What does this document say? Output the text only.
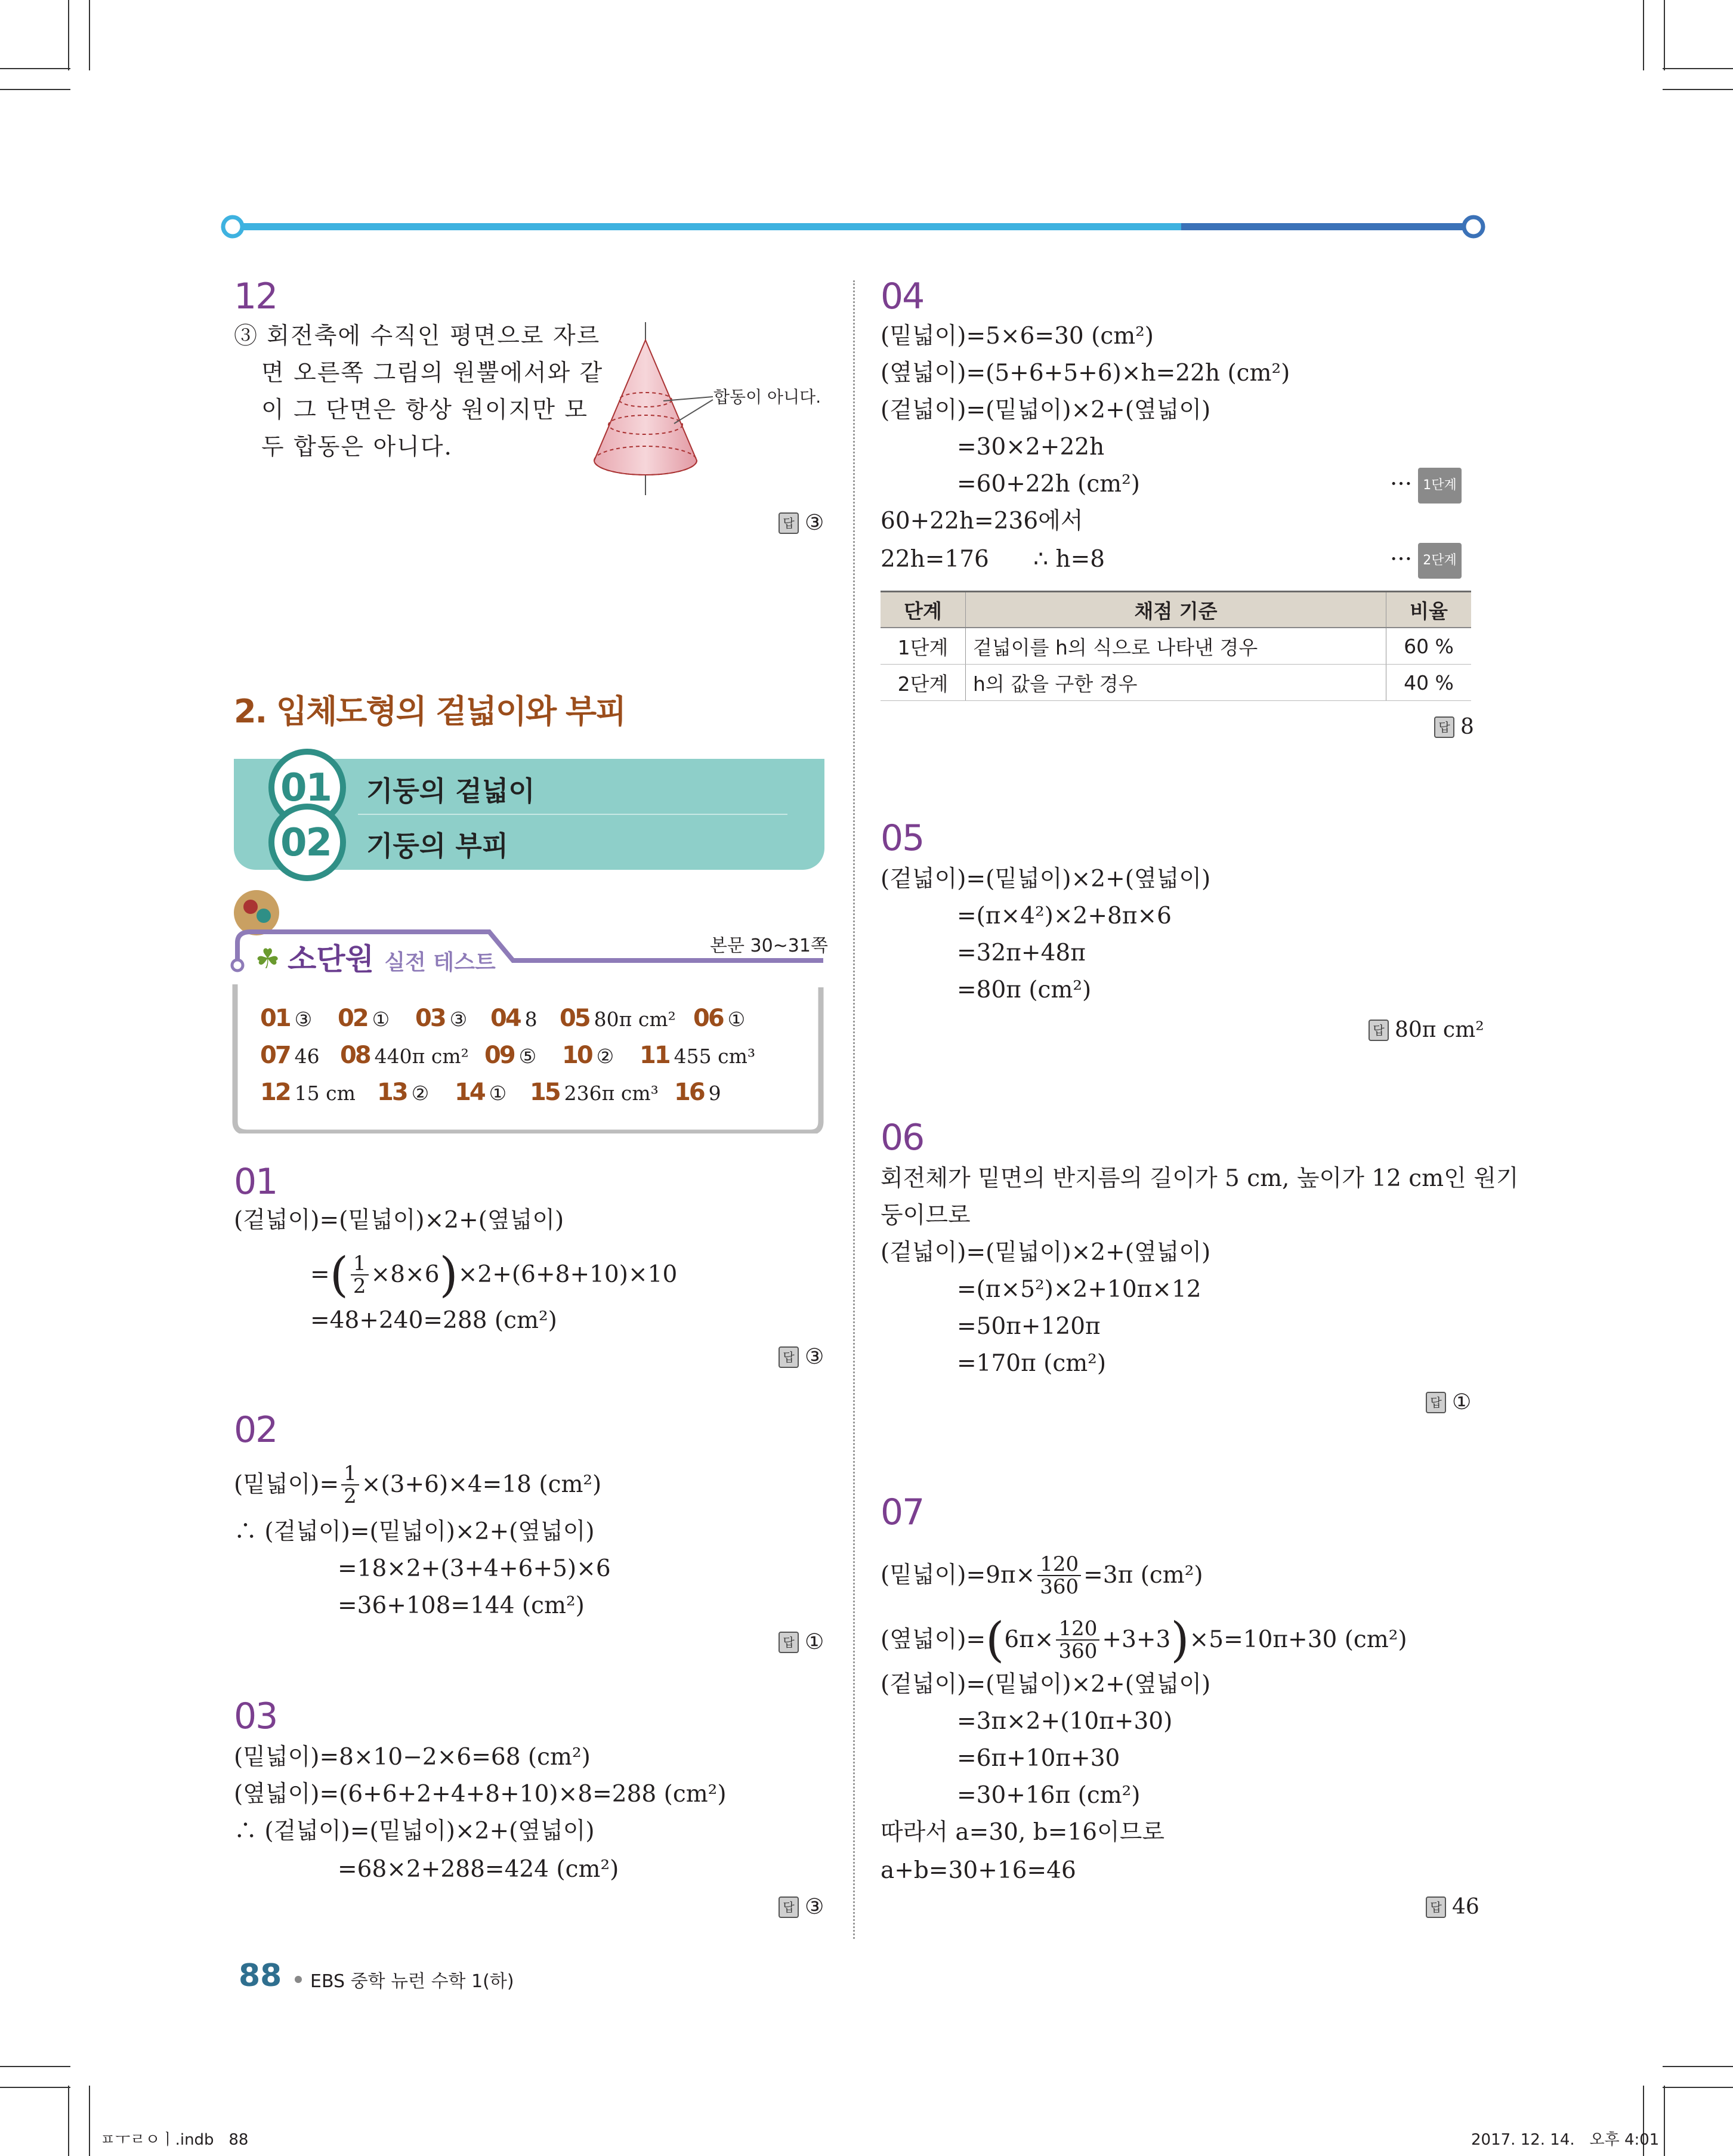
12
③ 회전축에 수직인 평면으로 자르
면 오른쪽 그림의 원뿔에서와 같
이 그 단면은 항상 원이지만 모
두 합동은 아니다.
합동이 아니다.
답 ③
2. 입체도형의 겉넓이와 부피
01
02
기둥의 겉넓이
기둥의 부피
☘ 소단원 실전 테스트
본문 30~31쪽
01 ③ 02 ① 03 ③ 04 8 05 80π cm² 06 ①
07 46 08 440π cm² 09 ⑤ 10 ② 11 455 cm³
12 15 cm 13 ② 14 ① 15 236π cm³ 16 9
01
(겉넓이)=(밑넓이)×2+(옆넓이)
= ( $\frac{1}{2} \times 8\times 6$ ) ×2+(6+8+10)×10
=48+240=288 (cm²)
답 ③
02
(밑넓이)= $\frac{1}{2} \times(3+6)\times 4=18$ (cm²)
∴ (겉넓이)=(밑넓이)×2+(옆넓이)
=18×2+(3+4+6+5)×6
=36+108=144 (cm²)
답 ①
03
(밑넓이)=8×10−2×6=68 (cm²)
(옆넓이)=(6+6+2+4+8+10)×8=288 (cm²)
∴ (겉넓이)=(밑넓이)×2+(옆넓이)
=68×2+288=424 (cm²)
답 ③
04
(밑넓이)=5×6=30 (cm²)
(옆넓이)=(5+6+5+6)×h=22h (cm²)
(겉넓이)=(밑넓이)×2+(옆넓이)
=30×2+22h
=60+22h (cm²)	··· 1단계
60+22h=236에서
22h=176      ∴ h=8	··· 2단계
단계	채점 기준	비율
1단계	겉넓이를 h의 식으로 나타낸 경우	60 %
2단계	h의 값을 구한 경우	40 %
답 8
05
(겉넓이)=(밑넓이)×2+(옆넓이)
=(π×4²)×2+8π×6
=32π+48π
=80π (cm²)
답 80π cm²
06
회전체가 밑면의 반지름의 길이가 5 cm, 높이가 12 cm인 원기
둥이므로
(겉넓이)=(밑넓이)×2+(옆넓이)
=(π×5²)×2+10π×12
=50π+120π
=170π (cm²)
답 ①
07
(밑넓이)$=9\pi\times \frac{120}{360} =3\pi$ (cm²)
(옆넓이)= ( $6\pi\times \frac{120}{360} +3+3$ ) ×5=10π+30 (cm²)
(겉넓이)=(밑넓이)×2+(옆넓이)
=3π×2+(10π+30)
=6π+10π+30
=30+16π (cm²)
따라서 a=30, b=16이므로
a+b=30+16=46
답 46
88 EBS 중학 뉴런 수학 1(하)
ㅍㅜㄹㅇㅣ.indb   88	2017. 12. 14.   오후 4:01
